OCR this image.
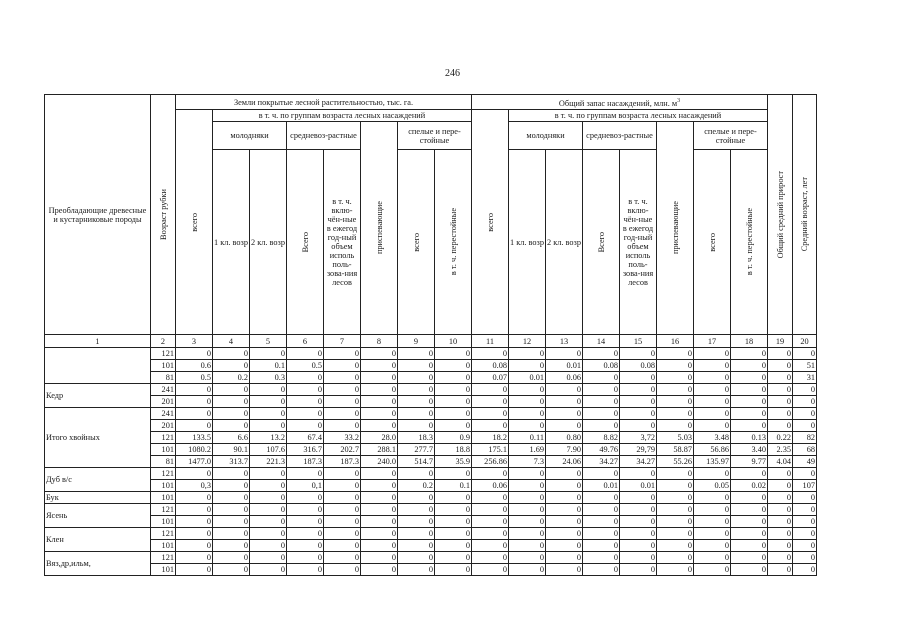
246
Преобладающие древесные и кустарниковые породы	Возраст рубки	Земли покрытые лесной растительностью, тыс. га.								Общий запас насаждений, млн. $м^3$								Общий средний прирост	Средний возраст, лет

		всего	в т. ч. по группам возраста лесных насаждений							всего	в т. ч. по группам возраста лесных насаждений								
			молодняки		средневоз-растные		приспевающие	спелые и пере-стойные			молодняки		средневоз-растные		приспевающие	спелые и пере-стойные			

			1 кл. возр	2 кл. возр	Всего	в т. ч. вклю-чён-ные в ежегод год-ный объем исполь поль-зова-ния лесов		всего	в т. ч. перестойные		1 кл. возр	2 кл. возр	Всего	в т. ч. вклю-чён-ные в ежегод год-ный объем исполь поль-зова-ния лесов		всего	в т. ч. перестойные		

1	2	3	4	5	6	7	8	9	10	11	12	13	14	15	16	17	18	19	20
	121	0	0	0	0	0	0	0	0	0	0	0	0	0	0	0	0	0	0
	101	0.6	0	0.1	0.5	0	0	0	0	0.08	0	0.01	0.08	0.08	0	0	0	0	51
	81	0.5	0.2	0.3	0	0	0	0	0	0.07	0.01	0.06	0	0	0	0	0	0	31
Кедр	241	0	0	0	0	0	0	0	0	0	0	0	0	0	0	0	0	0	0
	201	0	0	0	0	0	0	0	0	0	0	0	0	0	0	0	0	0	0
Итого хвойных	241	0	0	0	0	0	0	0	0	0	0	0	0	0	0	0	0	0	0
	201	0	0	0	0	0	0	0	0	0	0	0	0	0	0	0	0	0	0
	121	133.5	6.6	13.2	67.4	33.2	28.0	18.3	0.9	18.2	0.11	0.80	8.82	3,72	5.03	3.48	0.13	0.22	82
	101	1080.2	90.1	107.6	316.7	202.7	288.1	277.7	18.8	175.1	1.69	7.90	49.76	29,79	58.87	56.86	3.40	2.35	68
	81	1477.0	313.7	221.3	187.3	187.3	240.0	514.7	35.9	256.86	7.3	24.06	34.27	34.27	55.26	135.97	9.77	4.04	49
Дуб в/с	121	0	0	0	0	0	0	0	0	0	0	0	0	0	0	0	0	0	0
	101	0,3	0	0	0,1	0	0	0.2	0.1	0.06	0	0	0.01	0.01	0	0.05	0.02	0	107
Бук	101	0	0	0	0	0	0	0	0	0	0	0	0	0	0	0	0	0	0
Ясень	121	0	0	0	0	0	0	0	0	0	0	0	0	0	0	0	0	0	0
	101	0	0	0	0	0	0	0	0	0	0	0	0	0	0	0	0	0	0
Клен	121	0	0	0	0	0	0	0	0	0	0	0	0	0	0	0	0	0	0
	101	0	0	0	0	0	0	0	0	0	0	0	0	0	0	0	0	0	0
Вяз,др,ильм,	121	0	0	0	0	0	0	0	0	0	0	0	0	0	0	0	0	0	0
	101	0	0	0	0	0	0	0	0	0	0	0	0	0	0	0	0	0	0
